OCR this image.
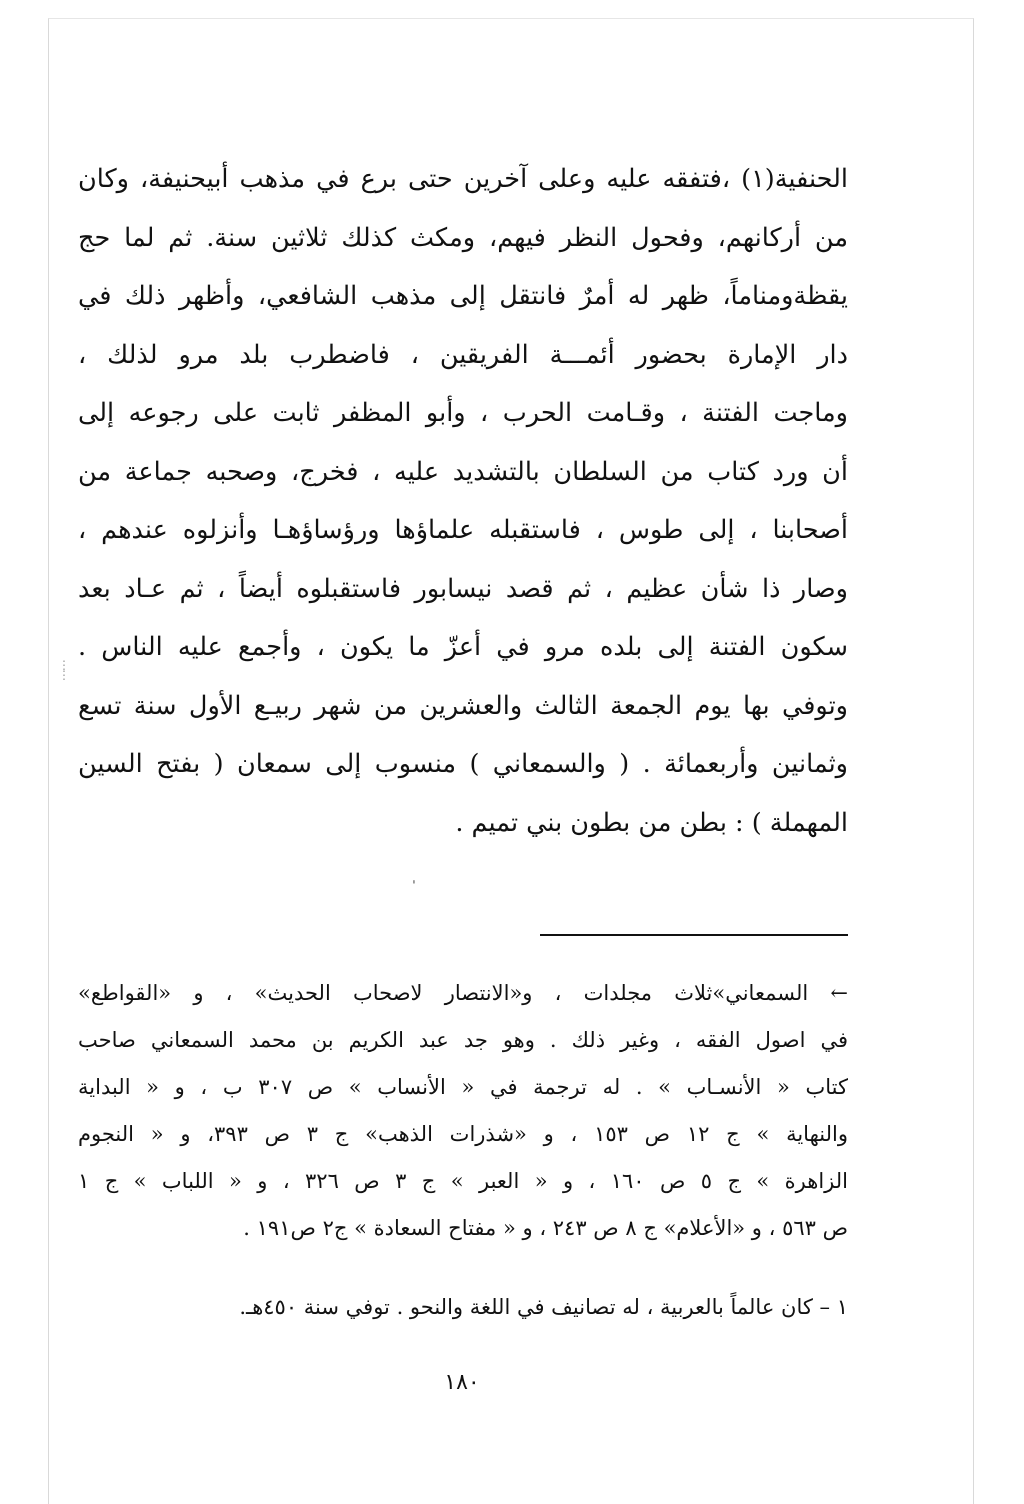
الحنفية(١) ،فتفقه عليه وعلى آخرين حتى برع في مذهب أبيحنيفة، وكان
من أركانهم، وفحول النظر فيهم، ومكث كذلك ثلاثين سنة. ثم لما حج
يقظةومناماً، ظهر له أمرٌ فانتقل إلى مذهب الشافعي، وأظهر ذلك في
دار الإمارة بحضور أئمـــة الفريقين ، فاضطرب بلد مرو لذلك ،
وماجت الفتنة ، وقـامت الحرب ، وأبو المظفر ثابت على رجوعه إلى
أن ورد كتاب من السلطان بالتشديد عليه ، فخرج، وصحبه جماعة من
أصحابنا ، إلى طوس ، فاستقبله علماؤها ورؤساؤهـا وأنزلوه عندهم ،
وصار ذا شأن عظيم ، ثم قصد نيسابور فاستقبلوه أيضاً ، ثم عـاد بعد
سكون الفتنة إلى بلده مرو في أعزّ ما يكون ، وأجمع عليه الناس .
وتوفي بها يوم الجمعة الثالث والعشرين من شهر ربيـع الأول سنة تسع
وثمانين وأربعمائة . ( والسمعاني ) منسوب إلى سمعان ( بفتح السين
المهملة ) : بطن من بطون بني تميم .
⋮
⋮
ˌ
← السمعاني»ثلاث مجلدات ، و«الانتصار لاصحاب الحديث» ، و «القواطع»
في اصول الفقه ، وغير ذلك . وهو جد عبد الكريم بن محمد السمعاني صاحب
كتاب « الأنسـاب » . له ترجمة في « الأنساب » ص ٣٠٧ ب ، و « البداية
والنهاية » ج ١٢ ص ١٥٣ ، و «شذرات الذهب» ج ٣ ص ٣٩٣، و « النجوم
الزاهرة » ج ٥ ص ١٦٠ ، و « العبر » ج ٣ ص ٣٢٦ ، و « اللباب » ج ١
ص ٥٦٣ ، و «الأعلام» ج ٨ ص ٢٤٣ ، و « مفتاح السعادة » ج٢ ص١٩١ .
١ – كان عالماً بالعربية ، له تصانيف في اللغة والنحو . توفي سنة ٤٥٠هـ.
١٨٠
